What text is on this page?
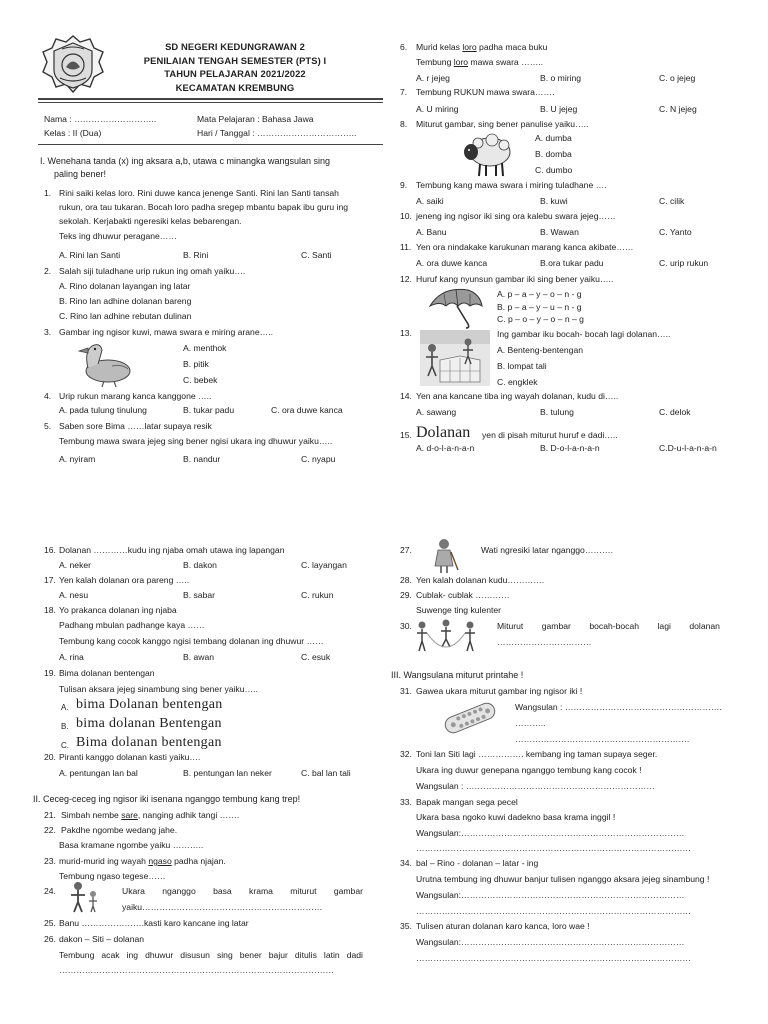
SD NEGERI KEDUNGRAWAN 2
PENILAIAN TENGAH SEMESTER (PTS) I
TAHUN PELAJARAN 2021/2022
KECAMATAN KREMBUNG
Nama : ………………………..
Kelas : II (Dua)
Mata Pelajaran : Bahasa Jawa
Hari / Tanggal : ……………………………..
I. Wenehana tanda (x) ing aksara a,b, utawa c minangka wangsulan sing
paling bener!
1. Rini saiki kelas loro. Rini duwe kanca jenenge Santi. Rini lan Santi tansah
rukun, ora tau tukaran. Bocah loro padha sregep mbantu bapak ibu guru ing
sekolah. Kerjabakti ngeresiki kelas bebarengan.
Teks ing dhuwur peragane……
A. Rini lan Santi	B. Rini	C. Santi
2. Salah siji tuladhane urip rukun ing omah yaiku….
A. Rino dolanan layangan ing latar
B. Rino lan adhine dolanan bareng
C. Rino lan adhine rebutan dulinan
3. Gambar ing ngisor kuwi, mawa swara e miring arane…..
A. menthok
B. pitik
C. bebek
4. Urip rukun marang kanca kanggone …..
A. pada tulung tinulung	B. tukar padu	C. ora duwe kanca
5. Saben sore Bima ……latar supaya resik
Tembung mawa swara jejeg sing bener ngisi ukara ing dhuwur yaiku…..
A. nyiram	B. nandur	C. nyapu
6. Murid kelas loro padha maca buku
Tembung loro mawa swara ……..
A. r jejeg	B. o miring	C. o jejeg
7. Tembung RUKUN mawa swara…….
A. U miring	B. U jejeg	C. N jejeg
8. Miturut gambar, sing bener panulise yaiku…..
A. dumba
B. domba
C. dumbo
9. Tembung kang mawa swara i miring tuladhane ….
A. saiki	B. kuwi	C. cilik
10. jeneng ing ngisor iki sing ora kalebu swara jejeg……
A. Banu	B. Wawan	C. Yanto
11. Yen ora nindakake karukunan marang kanca akibate……
A. ora duwe kanca	B.ora tukar padu	C. urip rukun
12. Huruf kang nyunsun gambar iki sing bener yaiku…..
A. p – a – y – o – n - g
B. p – a – y – u – n - g
C. p – o – y – o – n – g
13.	Ing gambar iku bocah- bocah lagi dolanan…..
A. Benteng-bentengan
B. lompat tali
C. engklek
14. Yen ana kancane tiba ing wayah dolanan, kudu di…..
A. sawang	B. tulung	C. delok
15. Dolanan yen di pisah miturut huruf e dadi…..
A. d-o-l-a-n-a-n	B. D-o-l-a-n-a-n	C.D-u-l-a-n-a-n
16. Dolanan …………kudu ing njaba omah utawa ing lapangan
A. neker	B. dakon	C. layangan
17. Yen kalah dolanan ora pareng …..
A. nesu	B. sabar	C. rukun
18. Yo prakanca dolanan ing njaba
Padhang mbulan padhange kaya ……
Tembung kang cocok kanggo ngisi tembang dolanan ing dhuwur ……
A. rina	B. awan	C. esuk
19. Bima dolanan bentengan
Tulisan aksara jejeg sinambung sing bener yaiku…..
A. bima Dolanan bentengan
B. bima dolanan Bentengan
C. Bima dolanan bentengan
20. Piranti kanggo dolanan kasti yaiku….
A. pentungan lan bal	B. pentungan lan neker	C. bal lan tali
II. Ceceg-ceceg ing ngisor iki isenana nganggo tembung kang trep!
21. Simbah nembe sare, nanging adhik tangi …….
22. Pakdhe ngombe wedang jahe.
Basa kramane ngombe yaiku ………..
23. murid-murid ing wayah ngaso padha njajan.
Tembung ngaso tegese……
24.	Ukara nganggo basa krama miturut gambar
yaiku………………………………………………………
25. Banu ………………….kasti karo kancane ing latar
26. dakon – Siti – dolanan
Tembung acak ing dhuwur disusun sing bener bajur ditulis latin dadi
……………………………………………………………………………………
27.	Wati ngresiki latar nganggo……….
28. Yen kalah dolanan kudu………….
29. Cublak- cublak …………
Suwenge ting kulenter
30.	Miturut gambar bocah-bocah lagi dolanan
……………………………
III. Wangsulana miturut printahe !
31. Gawea ukara miturut gambar ing ngisor iki !
Wangsulan : ……………………………………………….
………..
…………………………………………………….
32. Toni lan Siti lagi ……………. kembang ing taman supaya seger.
Ukara ing duwur genepana nganggo tembung kang cocok !
Wangsulan : …………………………………………………………
33. Bapak mangan sega pecel
Ukara basa ngoko kuwi dadekno basa krama inggil !
Wangsulan:……………………………………………………………………
……………………………………………………………………………………
34. bal – Rino - dolanan – latar - ing
Urutna tembung ing dhuwur banjur tulisen nganggo aksara jejeg sinambung !
Wangsulan:……………………………………………………………………
……………………………………………………………………………………
35. Tulisen aturan dolanan karo kanca, loro wae !
Wangsulan:……………………………………………………………………
……………………………………………………………………………………
